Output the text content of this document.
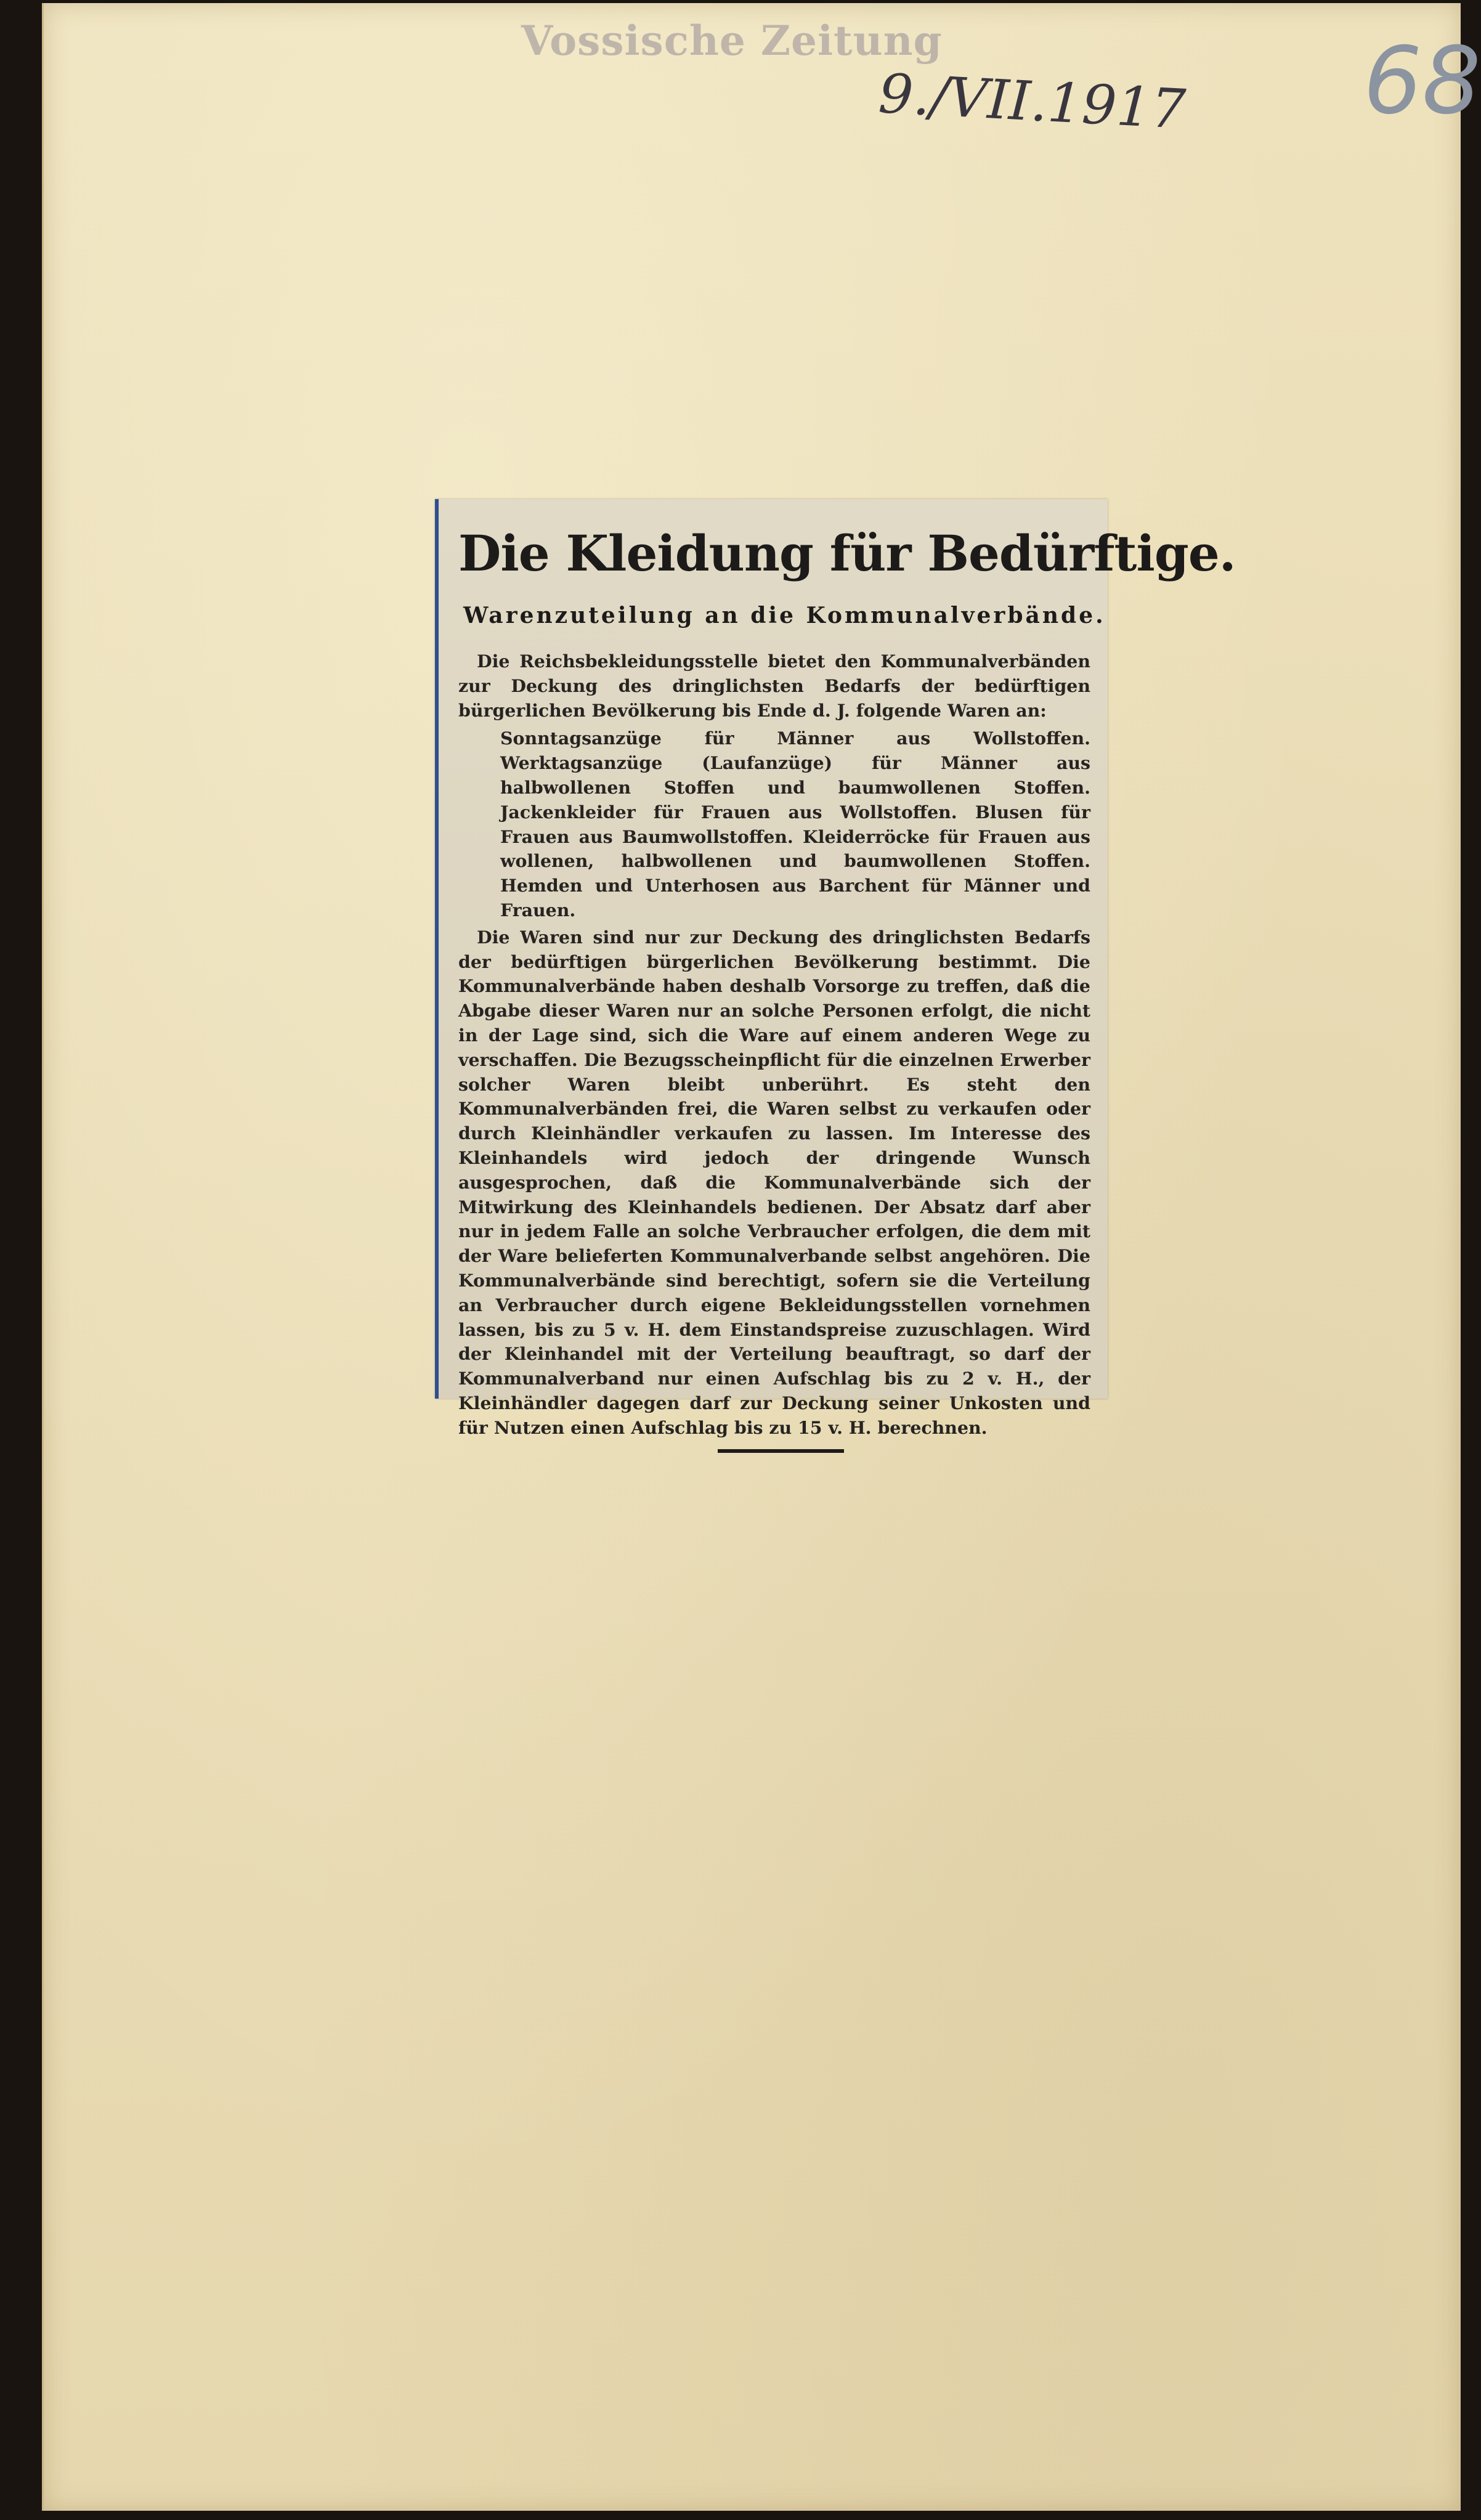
Vossische Zeitung
9./VII.1917 68
Die Kleidung für Bedürftige.
Warenzuteilung an die Kommunalverbände.

Die Reichsbekleidungsstelle bietet den Kommunalverbänden zur Deckung des dringlichsten Bedarfs der bedürftigen bürgerlichen Bevölkerung bis Ende d. J. folgende Waren an:

Sonntagsanzüge für Männer aus Wollstoffen. Werktagsanzüge (Laufanzüge) für Männer aus halbwollenen Stoffen und baumwollenen Stoffen. Jackenkleider für Frauen aus Wollstoffen. Blusen für Frauen aus Baumwollstoffen. Kleiderröcke für Frauen aus wollenen, halbwollenen und baumwollenen Stoffen. Hemden und Unterhosen aus Barchent für Männer und Frauen.

Die Waren sind nur zur Deckung des dringlichsten Bedarfs der bedürftigen bürgerlichen Bevölkerung bestimmt. Die Kommunalverbände haben deshalb Vorsorge zu treffen, daß die Abgabe dieser Waren nur an solche Personen erfolgt, die nicht in der Lage sind, sich die Ware auf einem anderen Wege zu verschaffen. Die Bezugsscheinpflicht für die einzelnen Erwerber solcher Waren bleibt unberührt. Es steht den Kommunalverbänden frei, die Waren selbst zu verkaufen oder durch Kleinhändler verkaufen zu lassen. Im Interesse des Kleinhandels wird jedoch der dringende Wunsch ausgesprochen, daß die Kommunalverbände sich der Mitwirkung des Kleinhandels bedienen. Der Absatz darf aber nur in jedem Falle an solche Verbraucher erfolgen, die dem mit der Ware belieferten Kommunalverbande selbst angehören. Die Kommunalverbände sind berechtigt, sofern sie die Verteilung an Verbraucher durch eigene Bekleidungsstellen vornehmen lassen, bis zu 5 v. H. dem Einstandspreise zuzuschlagen. Wird der Kleinhandel mit der Verteilung beauftragt, so darf der Kommunalverband nur einen Aufschlag bis zu 2 v. H., der Kleinhändler dagegen darf zur Deckung seiner Unkosten und für Nutzen einen Aufschlag bis zu 15 v. H. berechnen.
